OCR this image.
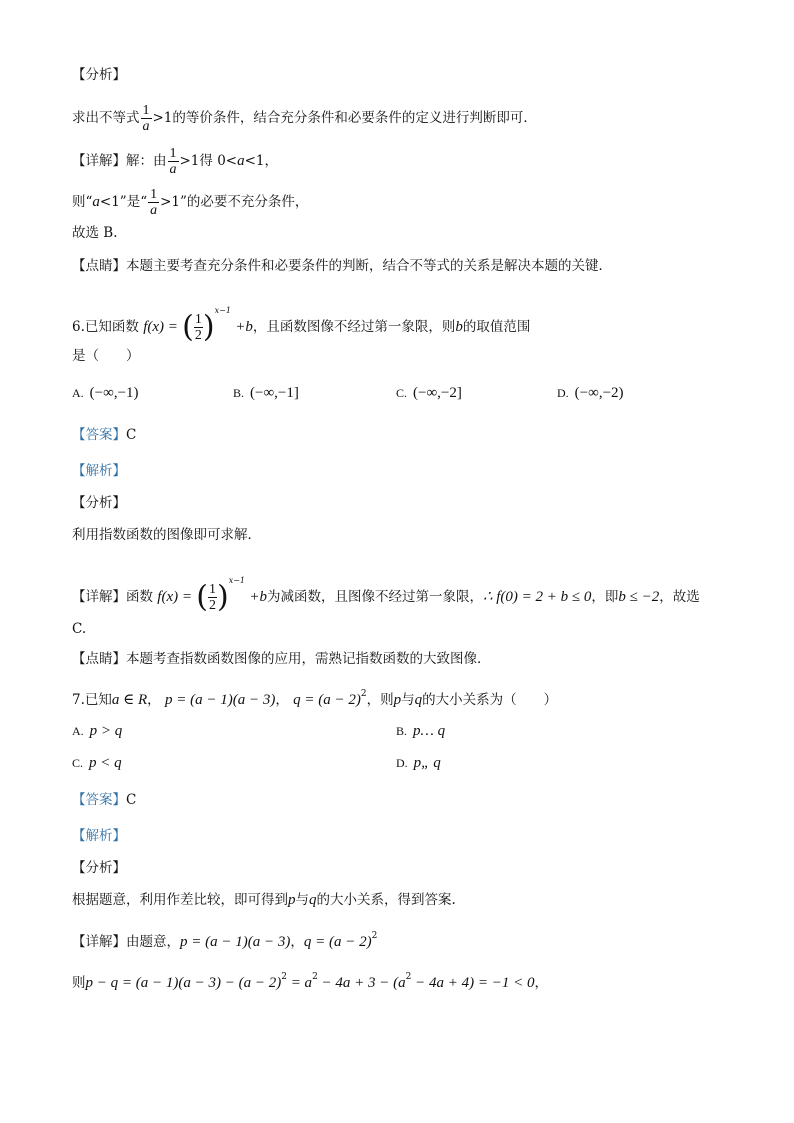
【分析】
求出不等式 $\frac{1}{a} >1$的等价条件，结合充分条件和必要条件的定义进行判断即可．
【详解】解：由 $\frac{1}{a} >1$得 0<a<1，
则“a<1”是“ $\frac{1}{a} >1$”的必要不充分条件，
故选 B.
【点睛】本题主要考查充分条件和必要条件的判断，结合不等式的关系是解决本题的关键．
6.已知函数 f(x) = ( $\frac{1}{2} )^{x-1} +b$，且函数图像不经过第一象限，则b的取值范围
是（　　）
A. (−∞,−1)	B. (−∞,−1]	C. (−∞,−2]	D. (−∞,−2)
【答案】C
【解析】
【分析】
利用指数函数的图像即可求解．
【详解】函数 f(x) = ( $\frac{1}{2} )^{x-1} +b$为减函数，且图像不经过第一象限，∴ f(0) = 2 + b ≤ 0，即b ≤ −2，故选
C.
【点睛】本题考查指数函数图像的应用，需熟记指数函数的大致图像．
7.已知a ∈ R， p = (a − 1)(a − 3)， $q = (a - 2)^2$，则p与q的大小关系为（　　）
A. p > q	B. p… q
C. p < q	D. p„ q
【答案】C
【解析】
【分析】
根据题意，利用作差比较，即可得到p与q的大小关系，得到答案.
【详解】由题意，p = (a − 1)(a − 3)，$q = (a - 2)^2$
则$p - q = (a - 1)(a - 3) - (a - 2)^2 = a^2 - 4a + 3 - (a^2 - 4a + 4) = -1 < 0$，
